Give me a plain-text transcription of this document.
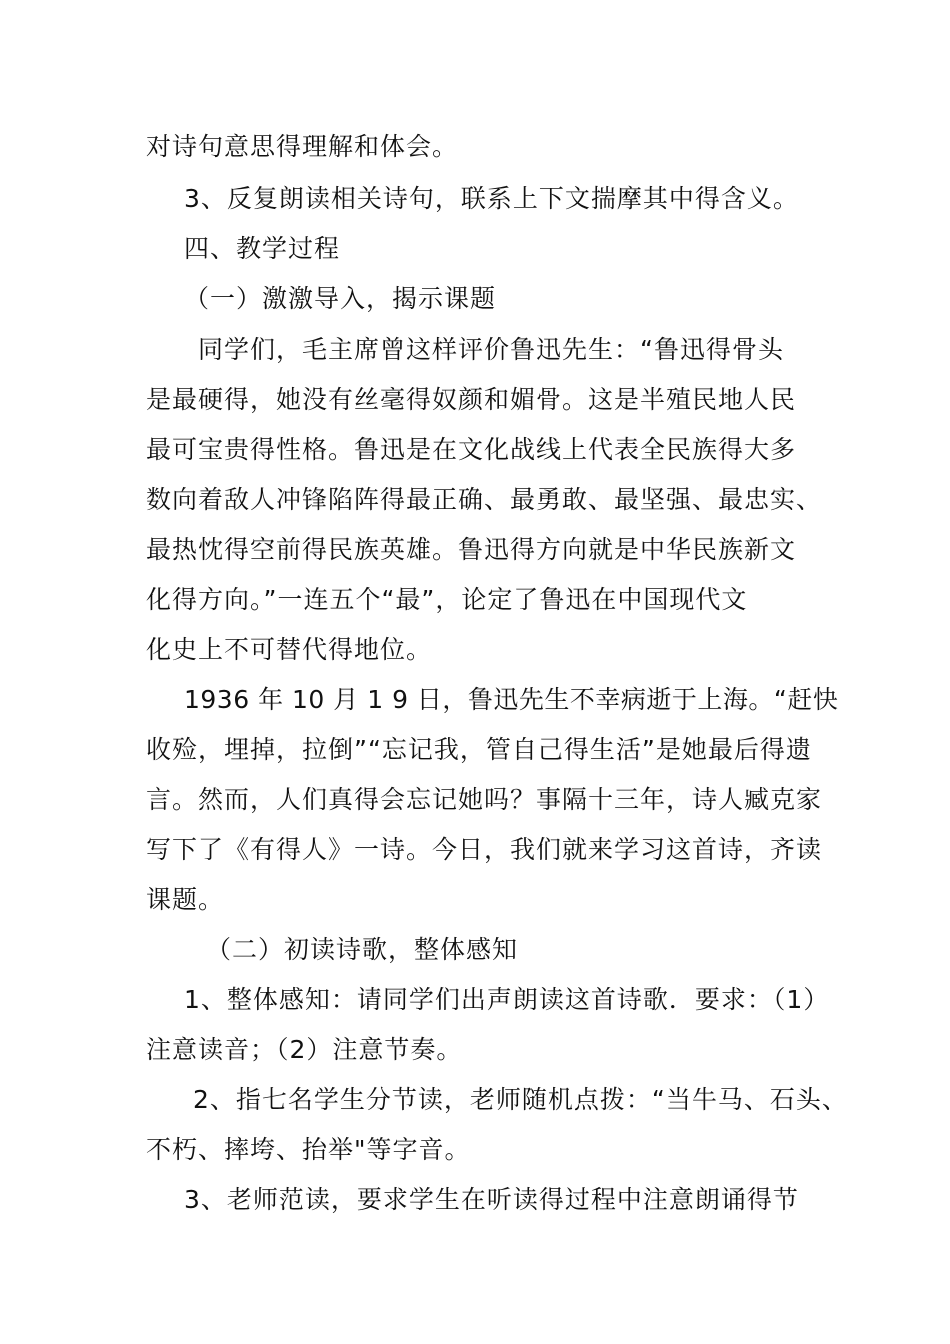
对诗句意思得理解和体会。
3、反复朗读相关诗句，联系上下文揣摩其中得含义。
四、教学过程
（一）激激导入，揭示课题
同学们，毛主席曾这样评价鲁迅先生：“鲁迅得骨头
是最硬得，她没有丝毫得奴颜和媚骨。这是半殖民地人民
最可宝贵得性格。鲁迅是在文化战线上代表全民族得大多
数向着敌人冲锋陷阵得最正确、最勇敢、最坚强、最忠实、
最热忱得空前得民族英雄。鲁迅得方向就是中华民族新文
化得方向。”一连五个“最”，论定了鲁迅在中国现代文
化史上不可替代得地位。
1936 年 10 月 1 9 日，鲁迅先生不幸病逝于上海。“赶快
收殓，埋掉，拉倒”“忘记我，管自己得生活”是她最后得遗
言。然而，人们真得会忘记她吗？事隔十三年，诗人臧克家
写下了《有得人》一诗。今日，我们就来学习这首诗，齐读
课题。
（二）初读诗歌，整体感知
1、整体感知：请同学们出声朗读这首诗歌．要求：（1）
注意读音；（2）注意节奏。
2、指七名学生分节读，老师随机点拨：“当牛马、石头、
不朽、摔垮、抬举"等字音。
3、老师范读，要求学生在听读得过程中注意朗诵得节
